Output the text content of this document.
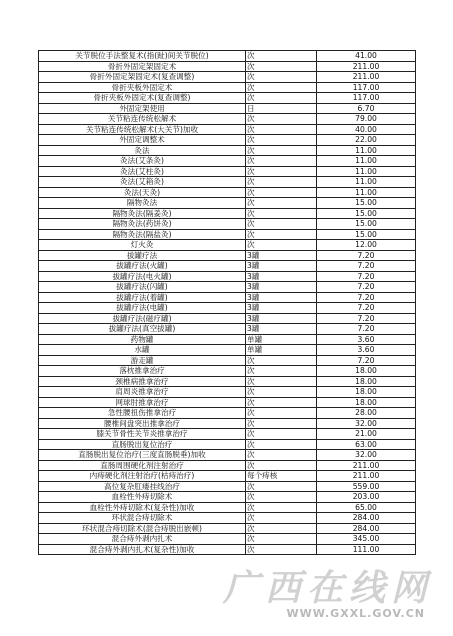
关节脱位手法整复术(指(趾)间关节脱位)	次	41.00
骨折外固定架固定术	次	211.00
骨折外固定架固定术(复查调整)	次	211.00
骨折夹板外固定术	次	117.00
骨折夹板外固定术(复查调整)	次	117.00
外固定架使用	日	6.70
关节粘连传统松解术	次	79.00
关节粘连传统松解术(大关节)加收	次	40.00
外固定调整术	次	22.00
灸法	次	11.00
灸法(艾条灸)	次	11.00
灸法(艾柱灸)	次	11.00
灸法(艾箱灸)	次	11.00
灸法(天灸)	次	11.00
隔物灸法	次	15.00
隔物灸法(隔姜灸)	次	15.00
隔物灸法(药饼灸)	次	15.00
隔物灸法(隔盐灸)	次	15.00
灯火灸	次	12.00
拔罐疗法	3罐	7.20
拔罐疗法(火罐)	3罐	7.20
拔罐疗法(电火罐)	3罐	7.20
拔罐疗法(闪罐)	3罐	7.20
拔罐疗法(着罐)	3罐	7.20
拔罐疗法(电罐)	3罐	7.20
拔罐疗法(磁疗罐)	3罐	7.20
拔罐疗法(真空拔罐)	3罐	7.20
药物罐	单罐	3.60
水罐	单罐	3.60
游走罐	次	7.20
落枕推拿治疗	次	18.00
颈椎病推拿治疗	次	18.00
肩周炎推拿治疗	次	18.00
网球肘推拿治疗	次	18.00
急性腰扭伤推拿治疗	次	28.00
腰椎间盘突出推拿治疗	次	32.00
膝关节骨性关节炎推拿治疗	次	21.00
直肠脱出复位治疗	次	63.00
直肠脱出复位治疗(三度直肠脱垂)加收	次	32.00
直肠周围硬化剂注射治疗	次	211.00
内痔硬化剂注射治疗(枯痔治疗)	每个痔核	211.00
高位复杂肛瘘挂线治疗	次	559.00
血栓性外痔切除术	次	203.00
血栓性外痔切除术(复杂性)加收	次	65.00
环状混合痔切除术	次	284.00
环状混合痔切除术(混合痔脱出嵌顿)	次	284.00
混合痔外剥内扎术	次	345.00
混合痔外剥内扎术(复杂性)加收	次	111.00
广西在线网
WWW.GXXL.GOV.CN
